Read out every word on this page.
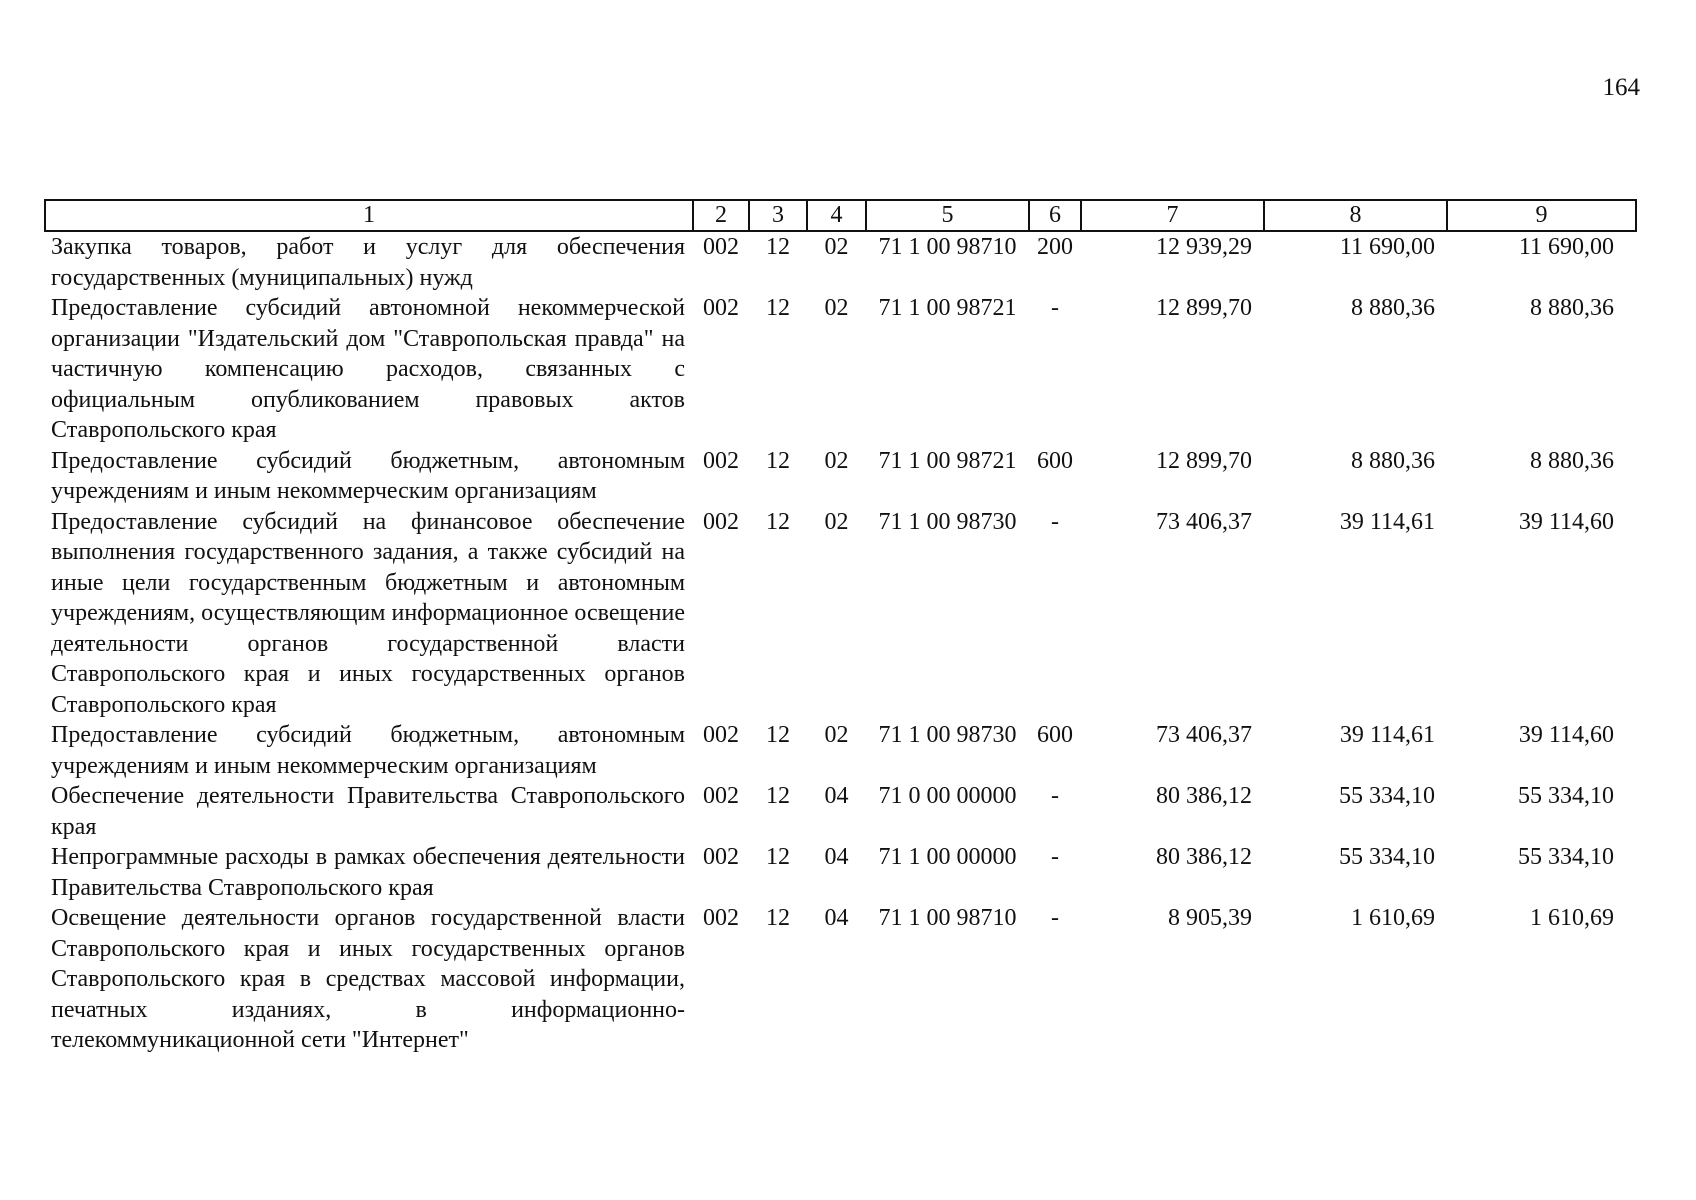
164
1	2	3	4	5	6	7	8	9
Закупка товаров, работ и услуг для обеспечения государственных (муниципальных) нужд	002	12	02	71 1 00 98710	200	12 939,29	11 690,00	11 690,00
Предоставление субсидий автономной некоммерческой организации "Издательский дом "Ставропольская правда" на частичную компенсацию расходов, связанных с официальным опубликованием правовых актов Ставропольского края	002	12	02	71 1 00 98721	-	12 899,70	8 880,36	8 880,36
Предоставление субсидий бюджетным, автономным учреждениям и иным некоммерческим организациям	002	12	02	71 1 00 98721	600	12 899,70	8 880,36	8 880,36
Предоставление субсидий на финансовое обеспечение выполнения государственного задания, а также субсидий на иные цели государственным бюджетным и автономным учреждениям, осуществляющим информационное освещение деятельности органов государственной власти Ставропольского края и иных государственных органов Ставропольского края	002	12	02	71 1 00 98730	-	73 406,37	39 114,61	39 114,60
Предоставление субсидий бюджетным, автономным учреждениям и иным некоммерческим организациям	002	12	02	71 1 00 98730	600	73 406,37	39 114,61	39 114,60
Обеспечение деятельности Правительства Ставропольского края	002	12	04	71 0 00 00000	-	80 386,12	55 334,10	55 334,10
Непрограммные расходы в рамках обеспечения деятельности Правительства Ставропольского края	002	12	04	71 1 00 00000	-	80 386,12	55 334,10	55 334,10
Освещение деятельности органов государственной власти Ставропольского края и иных государственных органов Ставропольского края в средствах массовой информации, печатных изданиях, в информационно-телекоммуникационной сети "Интернет"	002	12	04	71 1 00 98710	-	8 905,39	1 610,69	1 610,69
